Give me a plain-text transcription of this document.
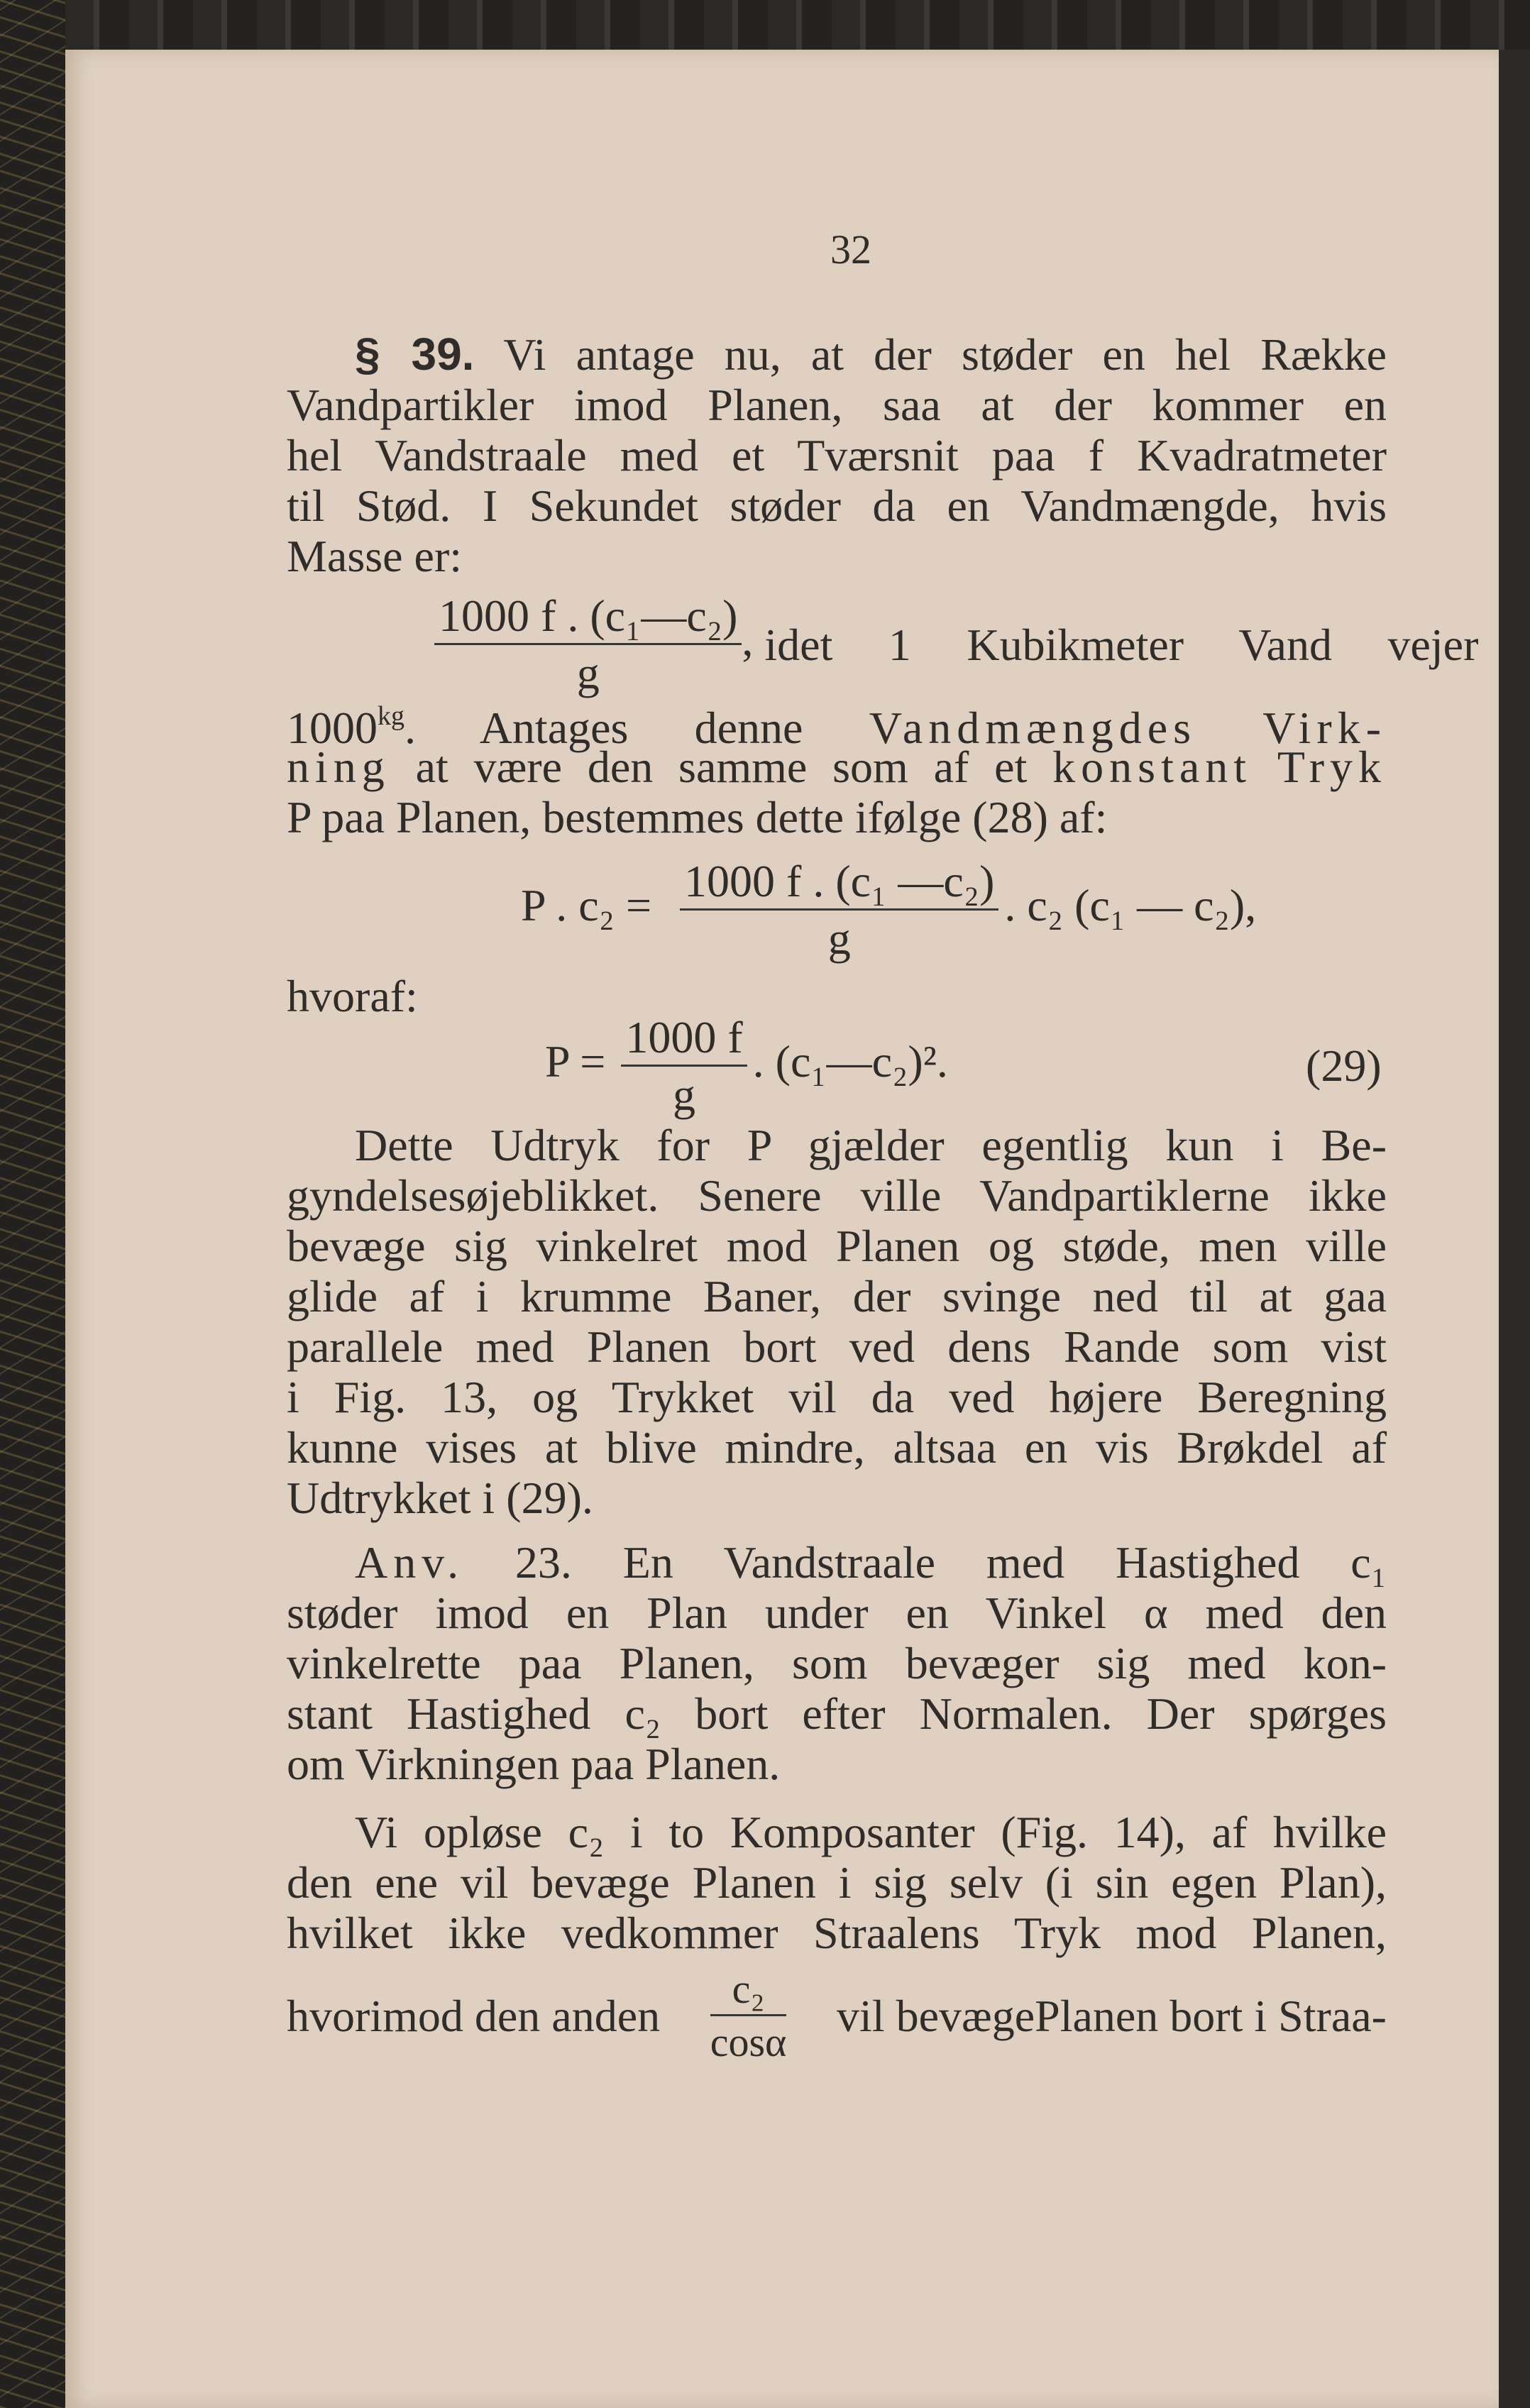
32
§ 39. Vi antage nu, at der støder en hel Række
Vandpartikler imod Planen, saa at der kommer en
hel Vandstraale med et Tværsnit paa f Kvadratmeter
til Stød. I Sekundet støder da en Vandmængde, hvis
Masse er:
$\frac{\text{1000 f . (c₁—c₂)}}{g}$ , idet 1 Kubikmeter Vand vejer
$1000^{kg}$. Antages denne Vandmængdes Virk-
ning at være den samme som af et konstant Tryk
P paa Planen, bestemmes dette ifølge (28) af:
P . $c_2 = \frac{\text{1000 f . (c₁ —c₂)}}{g}$ . c₂ (c₁ — c₂),
hvoraf:
$P = \frac{1000 f}{g}$ . (c₁—c₂)².	(29)
Dette Udtryk for P gjælder egentlig kun i Be-
gyndelsesøjeblikket. Senere ville Vandpartiklerne ikke
bevæge sig vinkelret mod Planen og støde, men ville
glide af i krumme Baner, der svinge ned til at gaa
parallele med Planen bort ved dens Rande som vist
i Fig. 13, og Trykket vil da ved højere Beregning
kunne vises at blive mindre, altsaa en vis Brøkdel af
Udtrykket i (29).
Anv. 23. En Vandstraale med Hastighed c₁
støder imod en Plan under en Vinkel α med den
vinkelrette paa Planen, som bevæger sig med kon-
stant Hastighed c₂ bort efter Normalen. Der spørges
om Virkningen paa Planen.
Vi opløse c₂ i to Komposanter (Fig. 14), af hvilke
den ene vil bevæge Planen i sig selv (i sin egen Plan),
hvilket ikke vedkommer Straalens Tryk mod Planen,
hvorimod den anden $\frac{\text{c₂}}{\cos\alpha}$ vil bevægePlanen bort i Straa-
